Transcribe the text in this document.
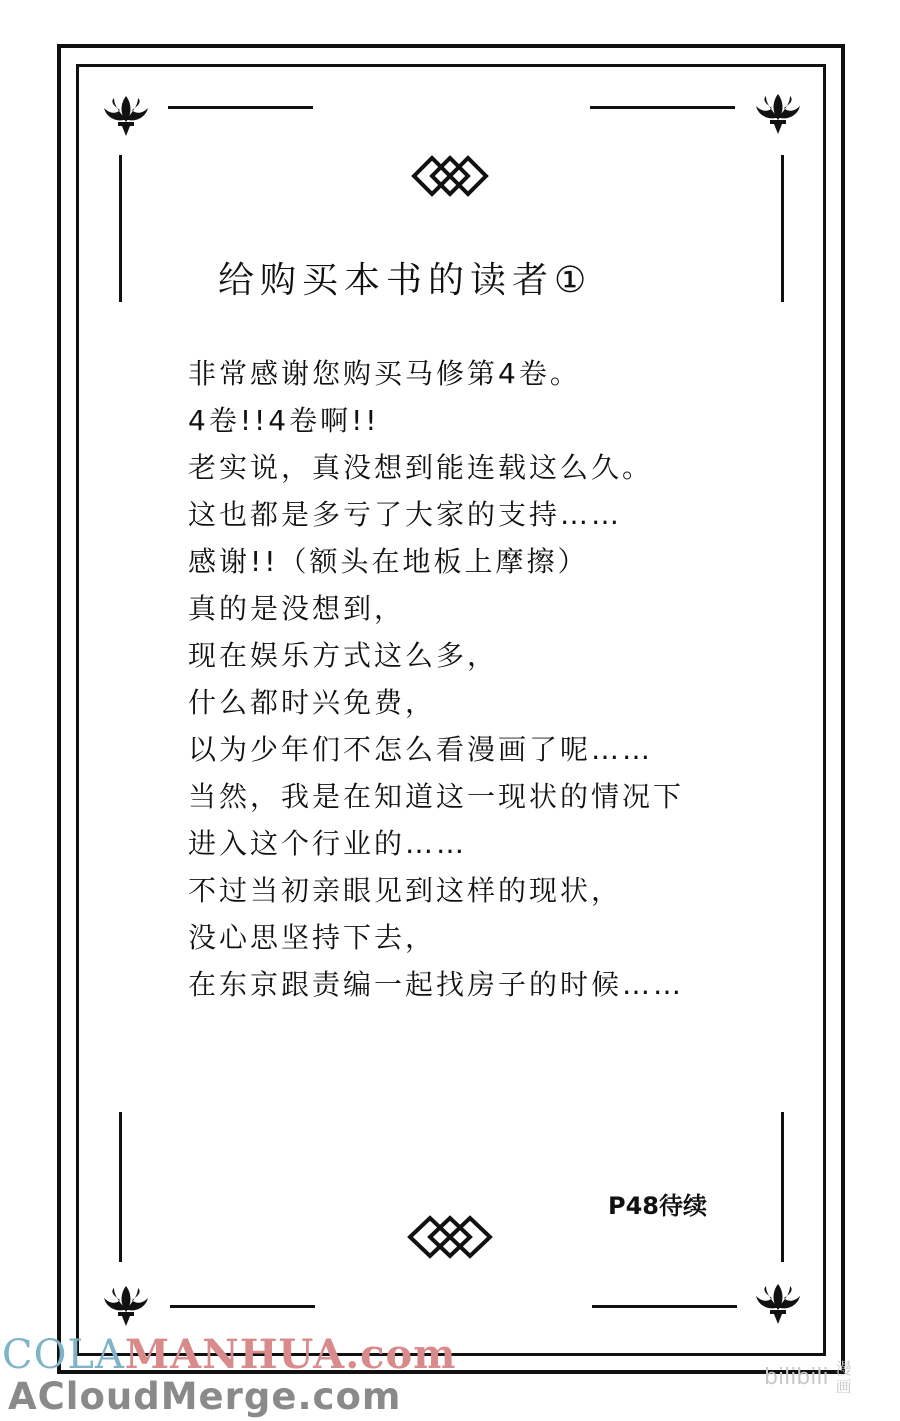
给购买本书的读者①
非常感谢您购买马修第4卷。
4卷!!4卷啊!!
老实说，真没想到能连载这么久。
这也都是多亏了大家的支持……
感谢!!（额头在地板上摩擦）
真的是没想到，
现在娱乐方式这么多，
什么都时兴免费，
以为少年们不怎么看漫画了呢……
当然，我是在知道这一现状的情况下
进入这个行业的……
不过当初亲眼见到这样的现状，
没心思坚持下去，
在东京跟责编一起找房子的时候……
P48待续
COLAMANHUA.com
ACloudMerge.com	bilibili 漫
画
